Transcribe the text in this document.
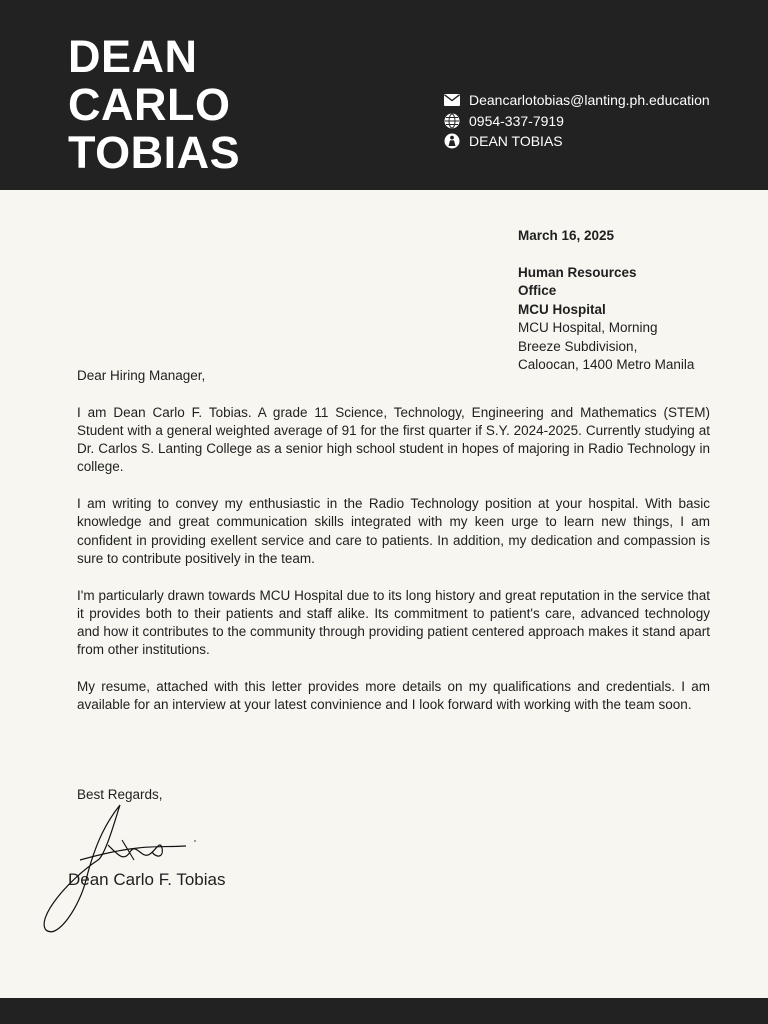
DEAN
CARLO
TOBIAS
Deancarlotobias@lanting.ph.education
0954-337-7919
DEAN TOBIAS
March 16, 2025
Human Resources
Office
MCU Hospital
MCU Hospital, Morning
Breeze Subdivision,
Caloocan, 1400 Metro Manila

Dear Hiring Manager,

I am Dean Carlo F. Tobias. A grade 11 Science, Technology, Engineering and Mathematics (STEM) Student with a general weighted average of 91 for the first quarter if S.Y. 2024-2025. Currently studying at Dr. Carlos S. Lanting College as a senior high school student in hopes of majoring in Radio Technology in college.

I am writing to convey my enthusiastic in the Radio Technology position at your hospital. With basic knowledge and great communication skills integrated with my keen urge to learn new things, I am confident in providing exellent service and care to patients. In addition, my dedication and compassion is sure to contribute positively in the team.

I'm particularly drawn towards MCU Hospital due to its long history and great reputation in the service that it provides both to their patients and staff alike. Its commitment to patient's care, advanced technology and how it contributes to the community through providing patient centered approach makes it stand apart from other institutions.

My resume, attached with this letter provides more details on my qualifications and credentials. I am available for an interview at your latest convinience and I look forward with working with the team soon.

Best Regards,
Dean Carlo F. Tobias
